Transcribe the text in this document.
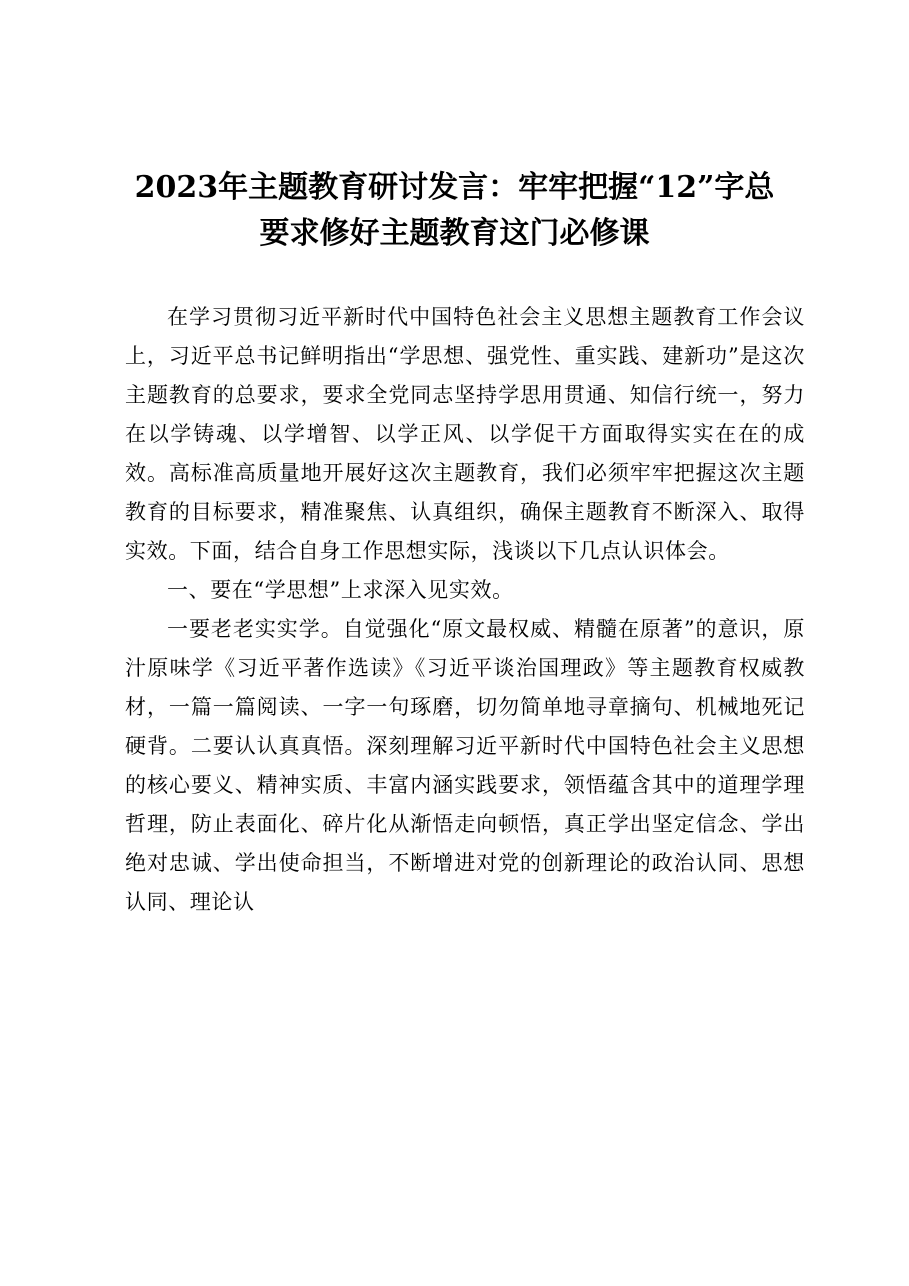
2023年主题教育研讨发言：牢牢把握“12”字总
要求修好主题教育这门必修课

在学习贯彻习近平新时代中国特色社会主义思想主题教育工作会议上，习近平总书记鲜明指出“学思想、强党性、重实践、建新功”是这次主题教育的总要求，要求全党同志坚持学思用贯通、知信行统一，努力在以学铸魂、以学增智、以学正风、以学促干方面取得实实在在的成效。高标准高质量地开展好这次主题教育，我们必须牢牢把握这次主题教育的目标要求，精准聚焦、认真组织，确保主题教育不断深入、取得实效。下面，结合自身工作思想实际，浅谈以下几点认识体会。

一、要在“学思想”上求深入见实效。

一要老老实实学。自觉强化“原文最权威、精髓在原著”的意识，原汁原味学《习近平著作选读》《习近平谈治国理政》等主题教育权威教材，一篇一篇阅读、一字一句琢磨，切勿简单地寻章摘句、机械地死记硬背。二要认认真真悟。深刻理解习近平新时代中国特色社会主义思想的核心要义、精神实质、丰富内涵实践要求，领悟蕴含其中的道理学理哲理，防止表面化、碎片化从渐悟走向顿悟，真正学出坚定信念、学出绝对忠诚、学出使命担当，不断增进对党的创新理论的政治认同、思想认同、理论认
